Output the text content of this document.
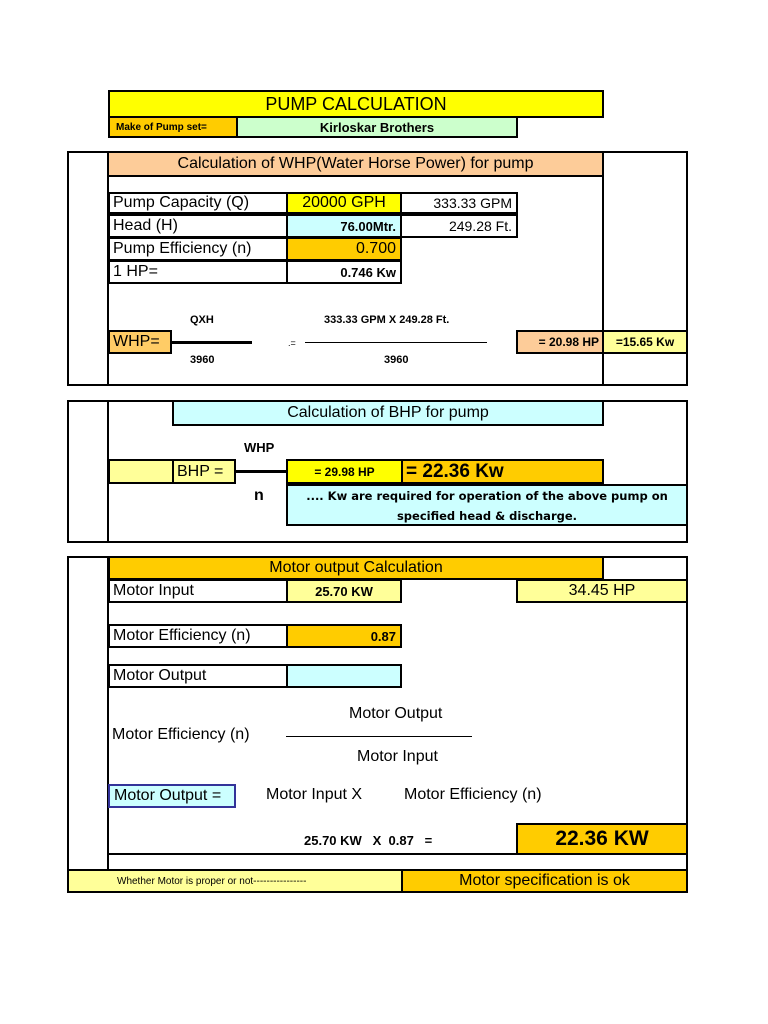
PUMP CALCULATION
Make of Pump set=	Kirloskar Brothers
Calculation of WHP(Water Horse Power) for pump
Pump Capacity (Q)	20000 GPH	333.33 GPM
Head (H)	76.00Mtr.	249.28 Ft.
Pump Efficiency (n)	0.700
1 HP=	0.746 Kw
QXH
WHP=
3960
.=
333.33 GPM X 249.28 Ft.
3960
= 20.98 HP =15.65 Kw
Calculation of BHP for pump
WHP
BHP =
n
= 29.98 HP = 22.36 Kw
.... Kw are required for operation of the above pump on
specified head & discharge.
Motor output Calculation
Motor Input	25.70 KW	34.45 HP
Motor Efficiency (n)	0.87
Motor Output
Motor Efficiency (n)
Motor Output
Motor Input
Motor Output =	Motor Input X	Motor Efficiency (n)
25.70 KW   X  0.87   =	22.36 KW
Whether Motor is proper or not----------------	Motor specification is ok
